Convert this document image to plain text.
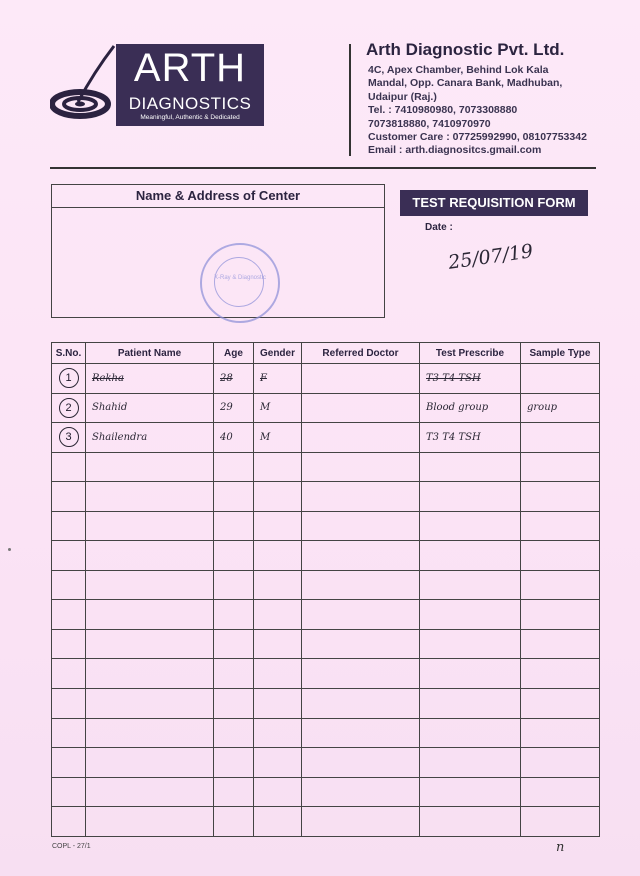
ARTH
DIAGNOSTICS
Meaningful, Authentic & Dedicated
Arth Diagnostic Pvt. Ltd.
4C, Apex Chamber, Behind Lok Kala
Mandal, Opp. Canara Bank, Madhuban,
Udaipur (Raj.)
Tel. : 7410980980, 7073308880
7073818880, 7410970970
Customer Care : 07725992990, 08107753342
Email : arth.diagnositcs.gmail.com
Name & Address of Center
X-Ray & Diagnostic
TEST REQUISITION FORM
Date :
25/07/19
S.No.	Patient Name	Age	Gender	Referred Doctor	Test Prescribe	Sample Type
1	Rekha	28	F		T3 T4 TSH	
2	Shahid	29	M		Blood group	group
3	Shailendra	40	M		T3 T4 TSH	

COPL - 27/1	n
